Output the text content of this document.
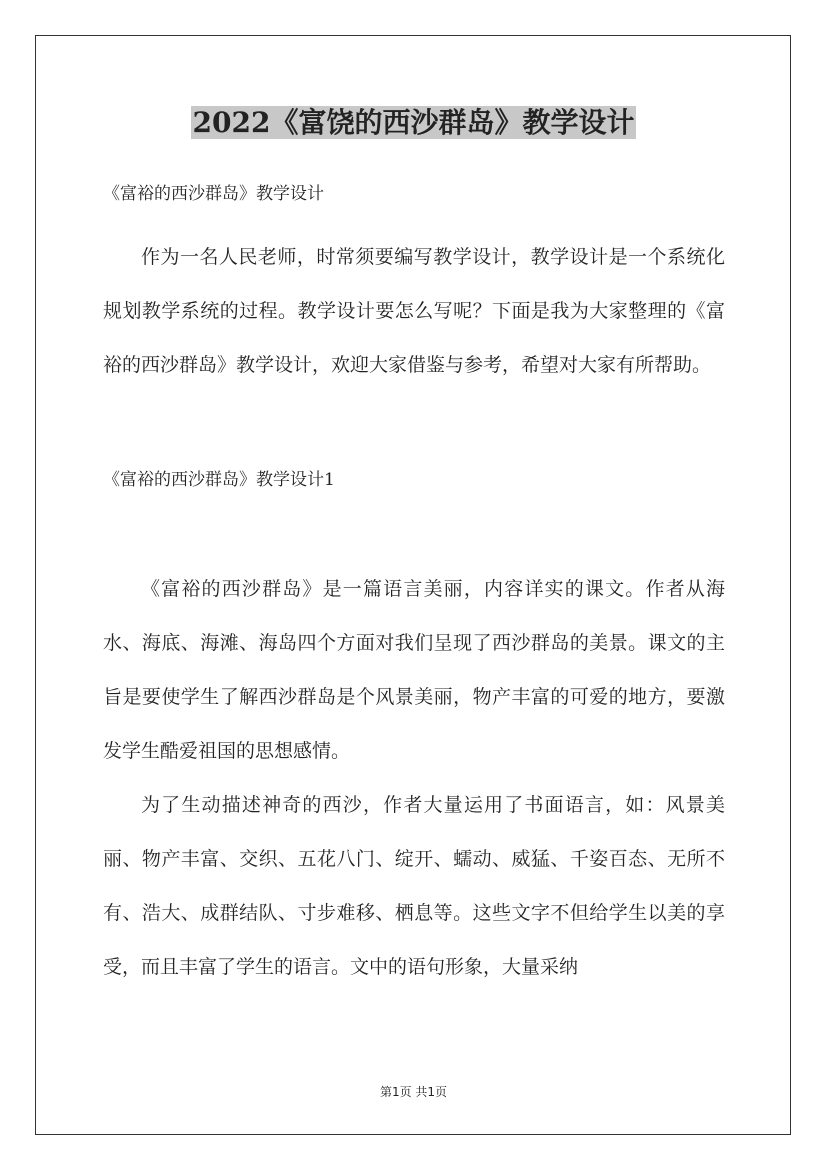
2022《富饶的西沙群岛》教学设计
《富裕的西沙群岛》教学设计

作为一名人民老师，时常须要编写教学设计，教学设计是一个系统化规划教学系统的过程。教学设计要怎么写呢？下面是我为大家整理的《富裕的西沙群岛》教学设计，欢迎大家借鉴与参考，希望对大家有所帮助。

《富裕的西沙群岛》教学设计1

《富裕的西沙群岛》是一篇语言美丽，内容详实的课文。作者从海水、海底、海滩、海岛四个方面对我们呈现了西沙群岛的美景。课文的主旨是要使学生了解西沙群岛是个风景美丽，物产丰富的可爱的地方，要激发学生酷爱祖国的思想感情。

为了生动描述神奇的西沙，作者大量运用了书面语言，如：风景美丽、物产丰富、交织、五花八门、绽开、蠕动、威猛、千姿百态、无所不有、浩大、成群结队、寸步难移、栖息等。这些文字不但给学生以美的享受，而且丰富了学生的语言。文中的语句形象，大量采纳

第1页 共1页
